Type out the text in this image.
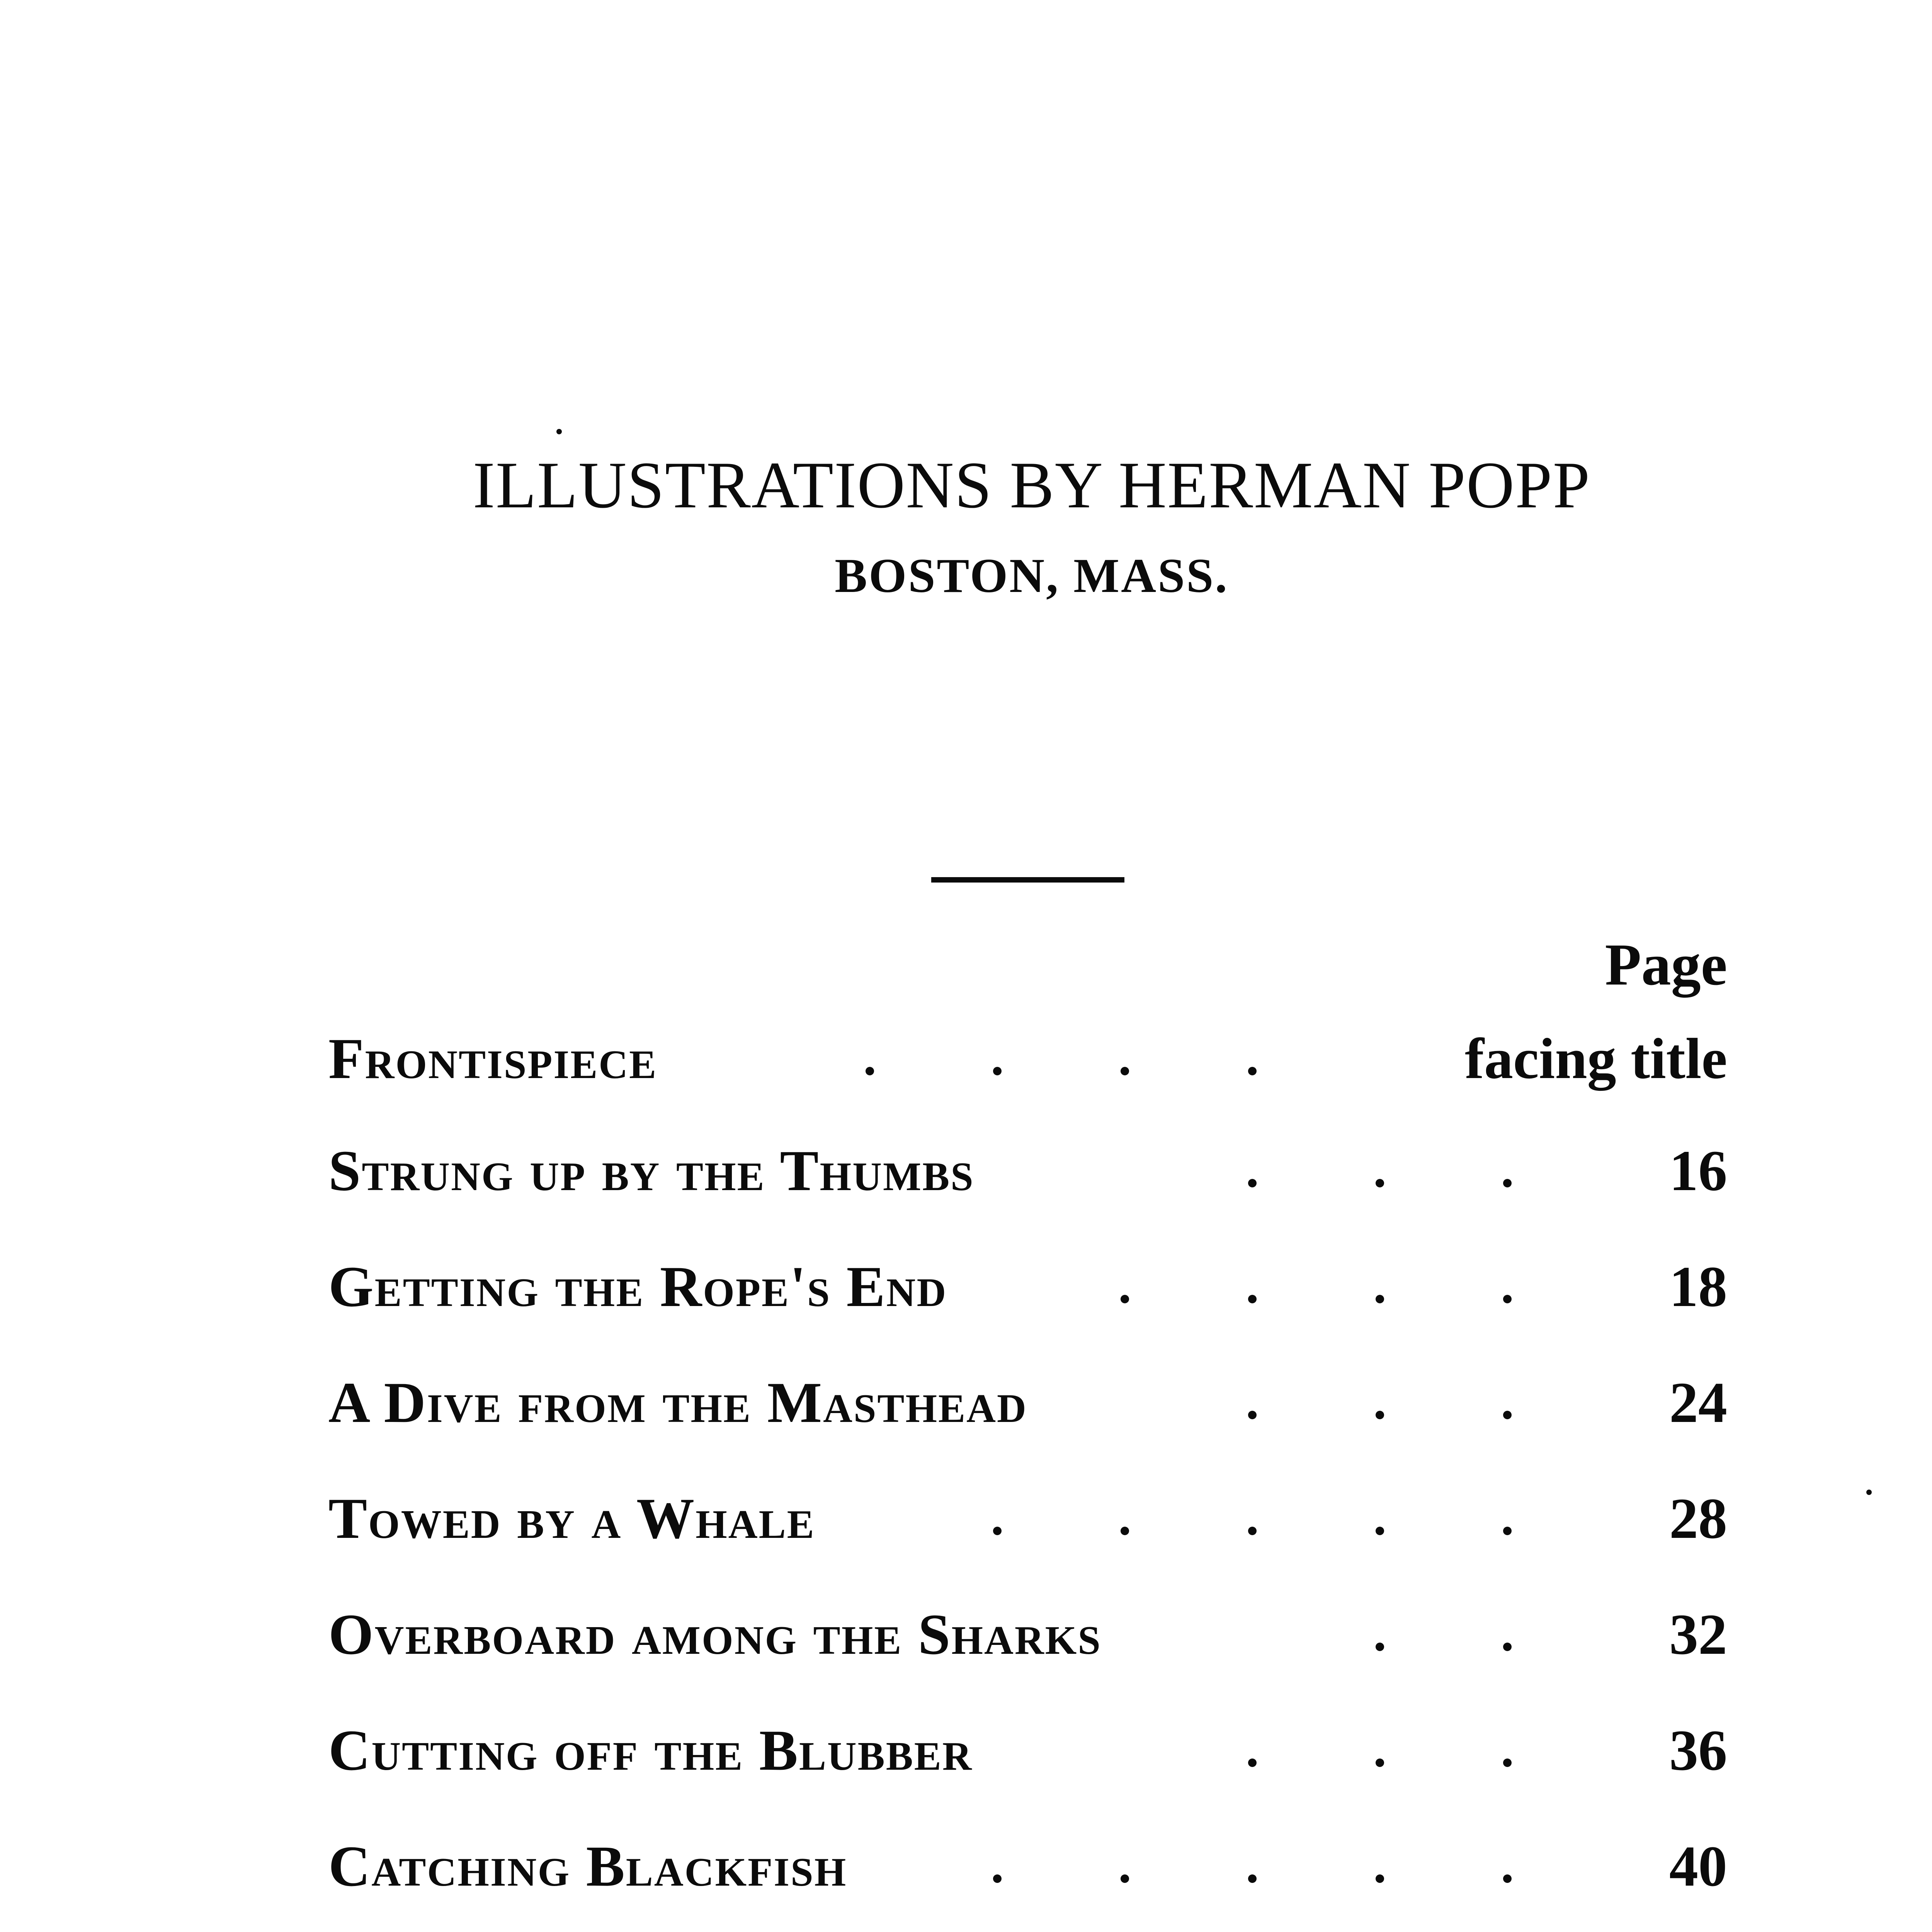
ILLUSTRATIONS BY HERMAN POPP
BOSTON, MASS.
Page
Frontispiece	facing title
Strung up by the Thumbs	16
Getting the Rope's End	18
A Dive from the Masthead	24
Towed by a Whale	28
Overboard among the Sharks	32
Cutting off the Blubber	36
Catching Blackfish	40
